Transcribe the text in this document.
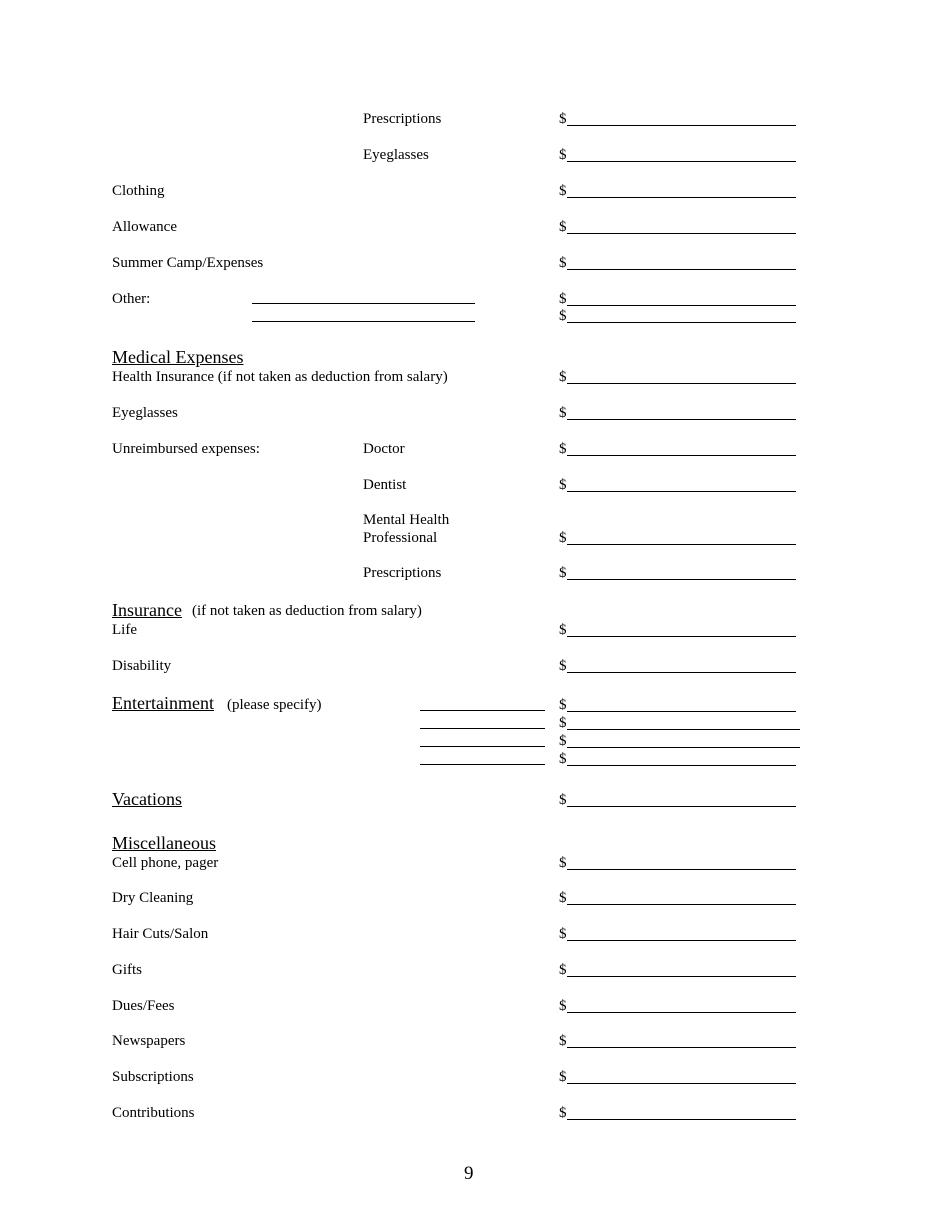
Prescriptions
Eyeglasses
Clothing
Allowance
Summer Camp/Expenses
Other:
Medical Expenses
Health Insurance (if not taken as deduction from salary)
Eyeglasses
Unreimbursed expenses:	Doctor
Dentist
Mental Health
Professional
Prescriptions
Insurance (if not taken as deduction from salary)
Life
Disability
Entertainment (please specify)
Vacations
Miscellaneous
Cell phone, pager
Dry Cleaning
Hair Cuts/Salon
Gifts
Dues/Fees
Newspapers
Subscriptions
Contributions
$
$
$
$
$
$
$
$
$
$
$
$
$
$
$
$
$
$
$
$
$
$
$
$
$
$
$
$
9
